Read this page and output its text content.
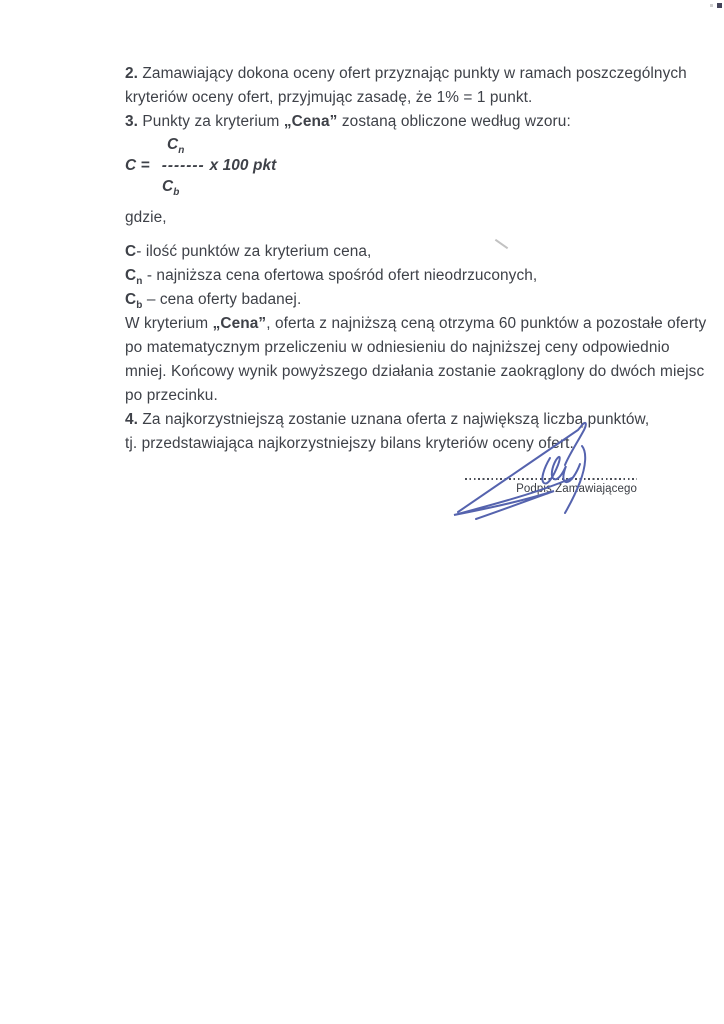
2. Zamawiający dokona oceny ofert przyznając punkty w ramach poszczególnych
kryteriów oceny ofert, przyjmując zasadę, że 1% = 1 punkt.
3. Punkty za kryterium „Cena” zostaną obliczone według wzoru:
$C_n$
C = ------- x 100 pkt
$C_b$
gdzie,
C- ilość punktów za kryterium cena,
$C_n$ - najniższa cena ofertowa spośród ofert nieodrzuconych,
$C_b$ – cena oferty badanej.
W kryterium „Cena”, oferta z najniższą ceną otrzyma 60 punktów a pozostałe oferty
po matematycznym przeliczeniu w odniesieniu do najniższej ceny odpowiednio
mniej. Końcowy wynik powyższego działania zostanie zaokrąglony do dwóch miejsc
po przecinku.
4. Za najkorzystniejszą zostanie uznana oferta z największą liczbą punktów,
tj. przedstawiająca najkorzystniejszy bilans kryteriów oceny ofert.
Podpis Zamawiającego
